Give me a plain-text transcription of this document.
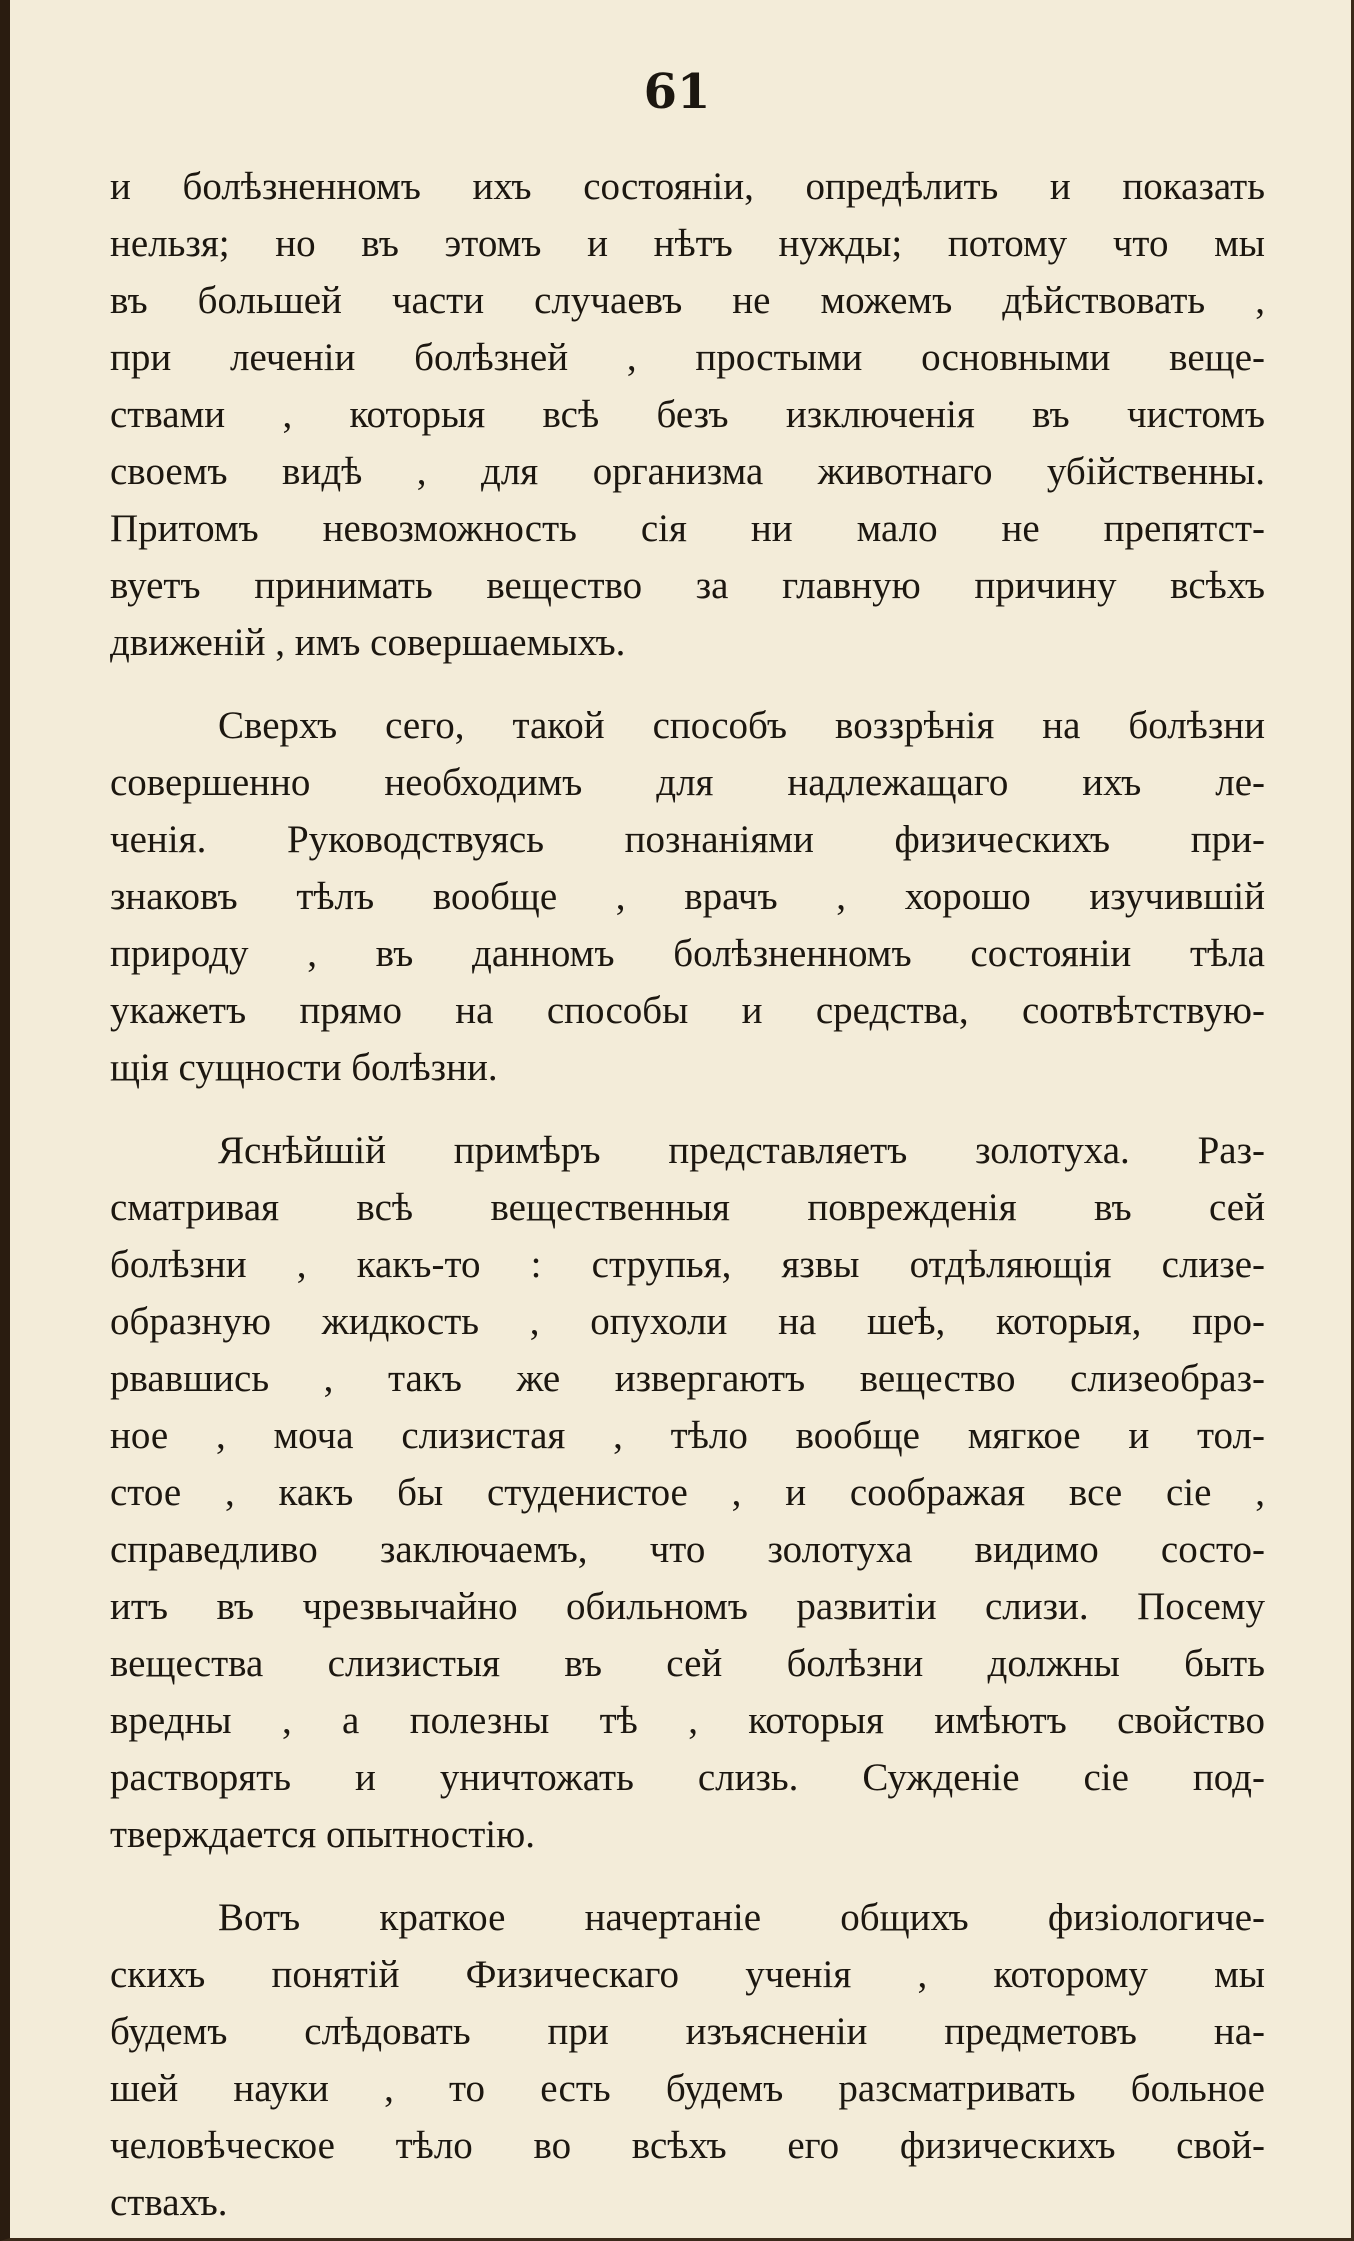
61
и болѣзненномъ ихъ состояніи, опредѣлить и показать
нельзя; но въ этомъ и нѣтъ нужды; потому что мы
въ большей части случаевъ не можемъ дѣйствовать ,
при леченіи болѣзней , простыми основными веще-
ствами , которыя всѣ безъ изключенія въ чистомъ
своемъ видѣ , для организма животнаго убійственны.
Притомъ невозможность сія ни мало не препятст-
вуетъ принимать вещество за главную причину всѣхъ
движеній , имъ совершаемыхъ.
Сверхъ сего, такой способъ воззрѣнія на болѣзни
совершенно необходимъ для надлежащаго ихъ ле-
ченія. Руководствуясь познаніями физическихъ при-
знаковъ тѣлъ вообще , врачъ , хорошо изучившій
природу , въ данномъ болѣзненномъ состояніи тѣла
укажетъ прямо на способы и средства, соотвѣтствую-
щія сущности болѣзни.
Яснѣйшій примѣръ представляетъ золотуха. Раз-
сматривая всѣ вещественныя поврежденія въ сей
болѣзни , какъ-то : струпья, язвы отдѣляющія слизе-
образную жидкость , опухоли на шеѣ, которыя, про-
рвавшись , такъ же извергаютъ вещество слизеобраз-
ное , моча слизистая , тѣло вообще мягкое и тол-
стое , какъ бы студенистое , и соображая все сіе ,
справедливо заключаемъ, что золотуха видимо состо-
итъ въ чрезвычайно обильномъ развитіи слизи. Посему
вещества слизистыя въ сей болѣзни должны быть
вредны , а полезны тѣ , которыя имѣютъ свойство
растворять и уничтожать слизь. Сужденіе сіе под-
тверждается опытностію.
Вотъ краткое начертаніе общихъ физіологиче-
скихъ понятій Физическаго ученія , которому мы
будемъ слѣдовать при изъясненіи предметовъ на-
шей науки , то есть будемъ разсматривать больное
человѣческое тѣло во всѣхъ его физическихъ свой-
ствахъ.
